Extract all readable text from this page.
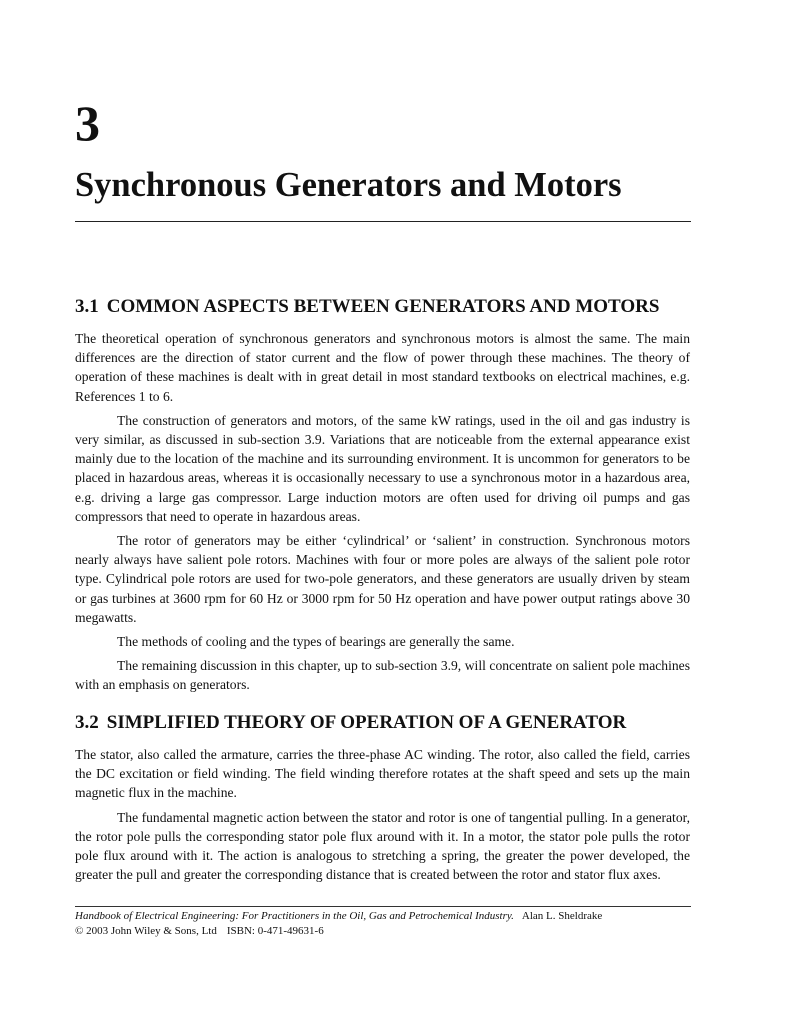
3
Synchronous Generators and Motors
3.1 COMMON ASPECTS BETWEEN GENERATORS AND MOTORS

The theoretical operation of synchronous generators and synchronous motors is almost the same. The main differences are the direction of stator current and the flow of power through these machines. The theory of operation of these machines is dealt with in great detail in most standard textbooks on electrical machines, e.g. References 1 to 6.

The construction of generators and motors, of the same kW ratings, used in the oil and gas industry is very similar, as discussed in sub-section 3.9. Variations that are noticeable from the external appearance exist mainly due to the location of the machine and its surrounding environment. It is uncommon for generators to be placed in hazardous areas, whereas it is occasionally necessary to use a synchronous motor in a hazardous area, e.g. driving a large gas compressor. Large induction motors are often used for driving oil pumps and gas compressors that need to operate in hazardous areas.

The rotor of generators may be either ‘cylindrical’ or ‘salient’ in construction. Synchronous motors nearly always have salient pole rotors. Machines with four or more poles are always of the salient pole rotor type. Cylindrical pole rotors are used for two-pole generators, and these generators are usually driven by steam or gas turbines at 3600 rpm for 60 Hz or 3000 rpm for 50 Hz operation and have power output ratings above 30 megawatts.

The methods of cooling and the types of bearings are generally the same.

The remaining discussion in this chapter, up to sub-section 3.9, will concentrate on salient pole machines with an emphasis on generators.

3.2 SIMPLIFIED THEORY OF OPERATION OF A GENERATOR

The stator, also called the armature, carries the three-phase AC winding. The rotor, also called the field, carries the DC excitation or field winding. The field winding therefore rotates at the shaft speed and sets up the main magnetic flux in the machine.

The fundamental magnetic action between the stator and rotor is one of tangential pulling. In a generator, the rotor pole pulls the corresponding stator pole flux around with it. In a motor, the stator pole pulls the rotor pole flux around with it. The action is analogous to stretching a spring, the greater the power developed, the greater the pull and greater the corresponding distance that is created between the rotor and stator flux axes.

Handbook of Electrical Engineering: For Practitioners in the Oil, Gas and Petrochemical Industry. Alan L. Sheldrake
© 2003 John Wiley & Sons, Ltd ISBN: 0-471-49631-6
